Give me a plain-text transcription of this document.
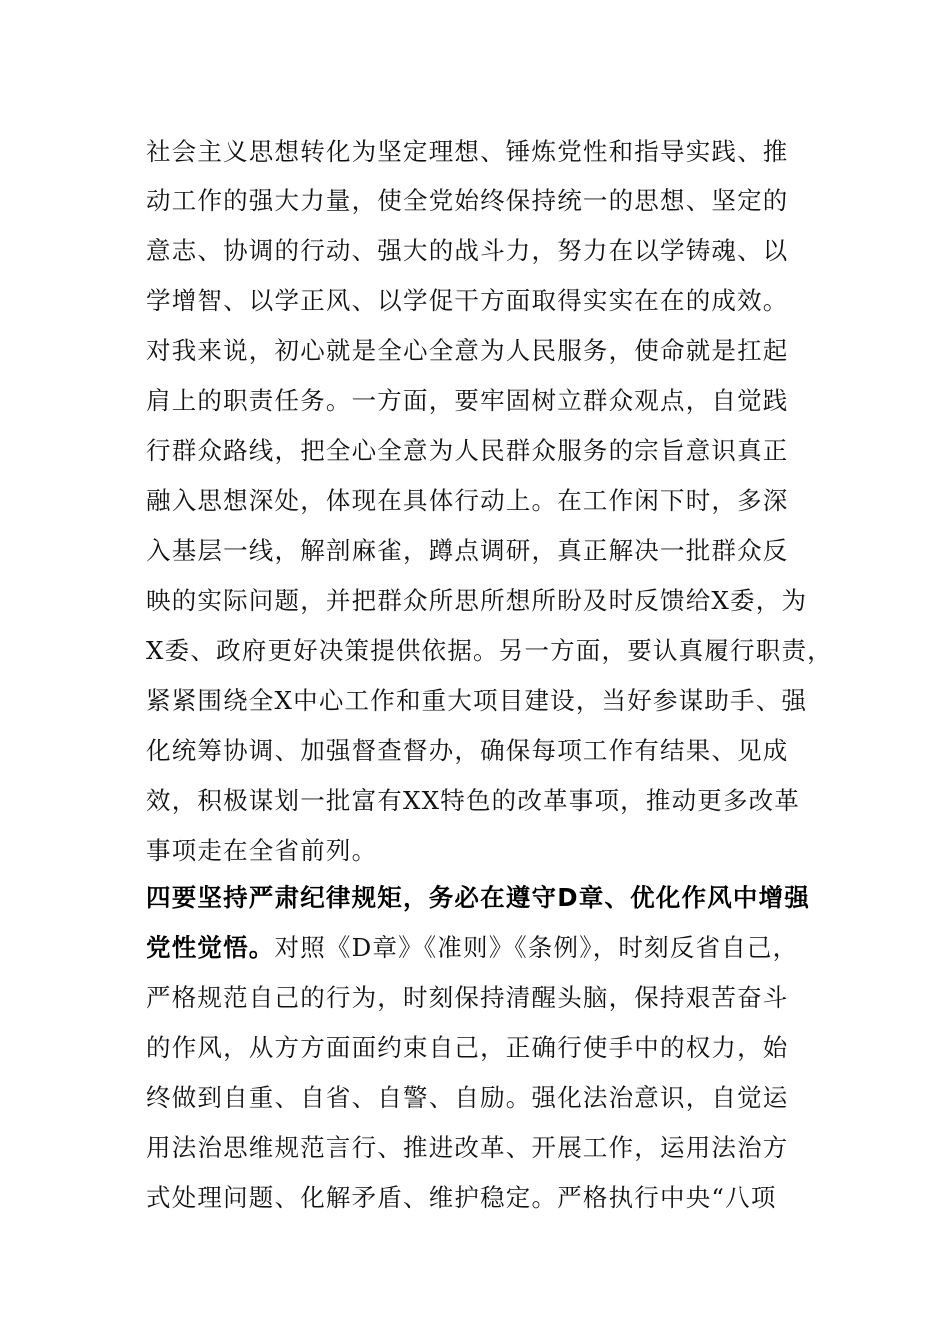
社会主义思想转化为坚定理想、锤炼党性和指导实践、推
动工作的强大力量，使全党始终保持统一的思想、坚定的
意志、协调的行动、强大的战斗力，努力在以学铸魂、以
学增智、以学正风、以学促干方面取得实实在在的成效。
对我来说，初心就是全心全意为人民服务，使命就是扛起
肩上的职责任务。一方面，要牢固树立群众观点，自觉践
行群众路线，把全心全意为人民群众服务的宗旨意识真正
融入思想深处，体现在具体行动上。在工作闲下时，多深
入基层一线，解剖麻雀，蹲点调研，真正解决一批群众反
映的实际问题，并把群众所思所想所盼及时反馈给X委，为
X委、政府更好决策提供依据。另一方面，要认真履行职责，
紧紧围绕全X中心工作和重大项目建设，当好参谋助手、强
化统筹协调、加强督查督办，确保每项工作有结果、见成
效，积极谋划一批富有XX特色的改革事项，推动更多改革
事项走在全省前列。
四要坚持严肃纪律规矩，务必在遵守D章、优化作风中增强
党性觉悟。对照《D章》《准则》《条例》，时刻反省自己，
严格规范自己的行为，时刻保持清醒头脑，保持艰苦奋斗
的作风，从方方面面约束自己，正确行使手中的权力，始
终做到自重、自省、自警、自励。强化法治意识，自觉运
用法治思维规范言行、推进改革、开展工作，运用法治方
式处理问题、化解矛盾、维护稳定。严格执行中央“八项
